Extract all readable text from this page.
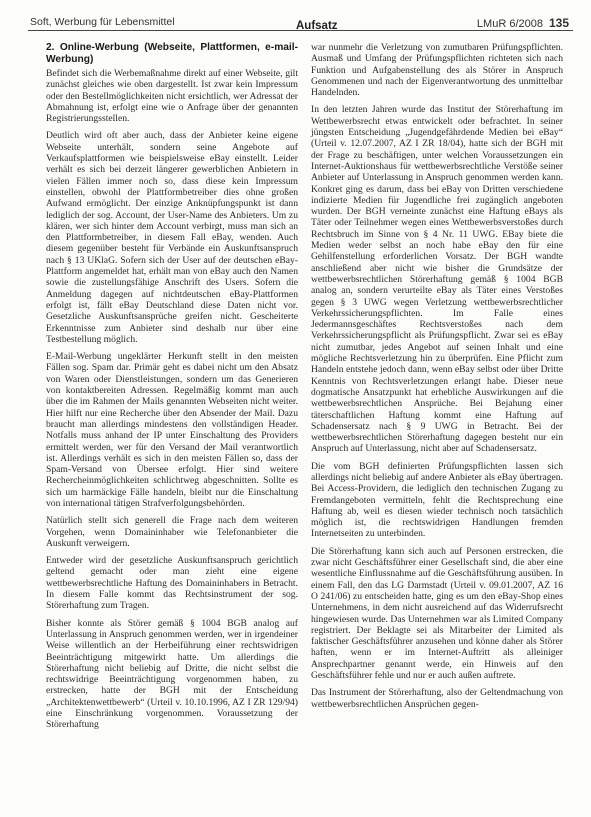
Soft, Werbung für Lebensmittel	Aufsatz	LMuR 6/2008 135
2. Online-Werbung (Webseite, Plattformen, e-mail-Werbung)

Befindet sich die Werbemaßnahme direkt auf einer Webseite, gilt zunächst gleiches wie oben dargestellt. Ist zwar kein Impressum oder den Bestellmöglichkeiten nicht ersichtlich, wer Adressat der Abmahnung ist, erfolgt eine wie o Anfrage über der genannten Registrierungsstellen.

Deutlich wird oft aber auch, dass der Anbieter keine eigene Webseite unterhält, sondern seine Angebote auf Verkaufsplattformen wie beispielsweise eBay einstellt. Leider verhält es sich bei derzeit längerer gewerblichen Anbietern in vielen Fällen immer noch so, dass diese kein Impressum einstellen, obwohl der Plattformbetreiber dies ohne großen Aufwand ermöglicht. Der einzige Anknüpfungspunkt ist dann lediglich der sog. Account, der User-Name des Anbieters. Um zu klären, wer sich hinter dem Account verbirgt, muss man sich an den Plattformbetreiber, in diesem Fall eBay, wenden. Auch diesem gegenüber besteht für Verbände ein Auskunftsanspruch nach § 13 UKlaG. Sofern sich der User auf der deutschen eBay-Plattform angemeldet hat, erhält man von eBay auch den Namen sowie die zustellungsfähige Anschrift des Users. Sofern die Anmeldung dagegen auf nichtdeutschen eBay-Plattformen erfolgt ist, fällt eBay Deutschland diese Daten nicht vor. Gesetzliche Auskunftsansprüche greifen nicht. Gescheiterte Erkenntnisse zum Anbieter sind deshalb nur über eine Testbestellung möglich.

E-Mail-Werbung ungeklärter Herkunft stellt in den meisten Fällen sog. Spam dar. Primär geht es dabei nicht um den Absatz von Waren oder Dienstleistungen, sondern um das Generieren von kontaktbereiten Adressen. Regelmäßig kommt man auch über die im Rahmen der Mails genannten Webseiten nicht weiter. Hier hilft nur eine Recherche über den Absender der Mail. Dazu braucht man allerdings mindestens den vollständigen Header. Notfalls muss anhand der IP unter Einschaltung des Providers ermittelt werden, wer für den Versand der Mail verantwortlich ist. Allerdings verhält es sich in den meisten Fällen so, dass der Spam-Versand von Übersee erfolgt. Hier sind weitere Rechercheinmöglichkeiten schlichtweg abgeschnitten. Sollte es sich um harmäckige Fälle handeln, bleibt nur die Einschaltung von international tätigen Strafverfolgungsbehörden.

Natürlich stellt sich generell die Frage nach dem weiteren Vorgehen, wenn Domaininhaber wie Telefonanbieter die Auskunft verweigern.

Entweder wird der gesetzliche Auskunftsanspruch gerichtlich geltend gemacht oder man zieht eine eigene wettbewerbsrechtliche Haftung des Domaininhabers in Betracht. In diesem Falle kommt das Rechtsinstrument der sog. Störerhaftung zum Tragen.

Bisher konnte als Störer gemäß § 1004 BGB analog auf Unterlassung in Anspruch genommen werden, wer in irgendeiner Weise willentlich an der Herbeiführung einer rechtswidrigen Beeinträchtigung mitgewirkt hatte. Um allerdings die Störerhaftung nicht beliebig auf Dritte, die nicht selbst die rechtswidrige Beeinträchtigung vorgenommen haben, zu erstrecken, hatte der BGH mit der Entscheidung „Architektenwettbewerb“ (Urteil v. 10.10.1996, AZ I ZR 129/94) eine Einschränkung vorgenommen. Voraussetzung der Störerhaftung

war nunmehr die Verletzung von zumutbaren Prüfungspflichten. Ausmaß und Umfang der Prüfungspflichten richteten sich nach Funktion und Aufgabenstellung des als Störer in Anspruch Genommenen und nach der Eigenverantwortung des unmittelbar Handelnden.

In den letzten Jahren wurde das Institut der Störerhaftung im Wettbewerbsrecht etwas entwickelt oder befrachtet. In seiner jüngsten Entscheidung „Jugendgefährdende Medien bei eBay“ (Urteil v. 12.07.2007, AZ I ZR 18/04), hatte sich der BGH mit der Frage zu beschäftigen, unter welchen Voraussetzungen ein Internet-Auktionshaus für wettbewerbsrechtliche Verstöße seiner Anbieter auf Unterlassung in Anspruch genommen werden kann. Konkret ging es darum, dass bei eBay von Dritten verschiedene indizierte Medien für Jugendliche frei zugänglich angeboten wurden. Der BGH verneinte zunächst eine Haftung eBays als Täter oder Teilnehmer wegen eines Wettbewerbsverstoßes durch Rechtsbruch im Sinne von § 4 Nr. 11 UWG. EBay biete die Medien weder selbst an noch habe eBay den für eine Gehilfenstellung erforderlichen Vorsatz. Der BGH wandte anschließend aber nicht wie bisher die Grundsätze der wettbewerbsrechtlichen Störerhaftung gemäß § 1004 BGB analog an, sondern verurteilte eBay als Täter eines Verstoßes gegen § 3 UWG wegen Verletzung wettbewerbsrechtlicher Verkehrssicherungspflichten. Im Falle eines Jedermannsgeschäftes Rechtsverstoßes nach dem Verkehrssicherungspflicht als Prüfungspflicht. Zwar sei es eBay nicht zumutbar, jedes Angebot auf seinen Inhalt und eine mögliche Rechtsverletzung hin zu überprüfen. Eine Pflicht zum Handeln entstehe jedoch dann, wenn eBay selbst oder über Dritte Kenntnis von Rechtsverletzungen erlangt habe. Dieser neue dogmatische Ansatzpunkt hat erhebliche Auswirkungen auf die wettbewerbsrechtlichen Ansprüche. Bei Bejahung einer täterschaftlichen Haftung kommt eine Haftung auf Schadensersatz nach § 9 UWG in Betracht. Bei der wettbewerbsrechtlichen Störerhaftung dagegen besteht nur ein Anspruch auf Unterlassung, nicht aber auf Schadensersatz.

Die vom BGH definierten Prüfungspflichten lassen sich allerdings nicht beliebig auf andere Anbieter als eBay übertragen. Bei Access-Providern, die lediglich den technischen Zugang zu Fremdangeboten vermitteln, fehlt die Rechtsprechung eine Haftung ab, weil es diesen wieder technisch noch tatsächlich möglich ist, die rechtswidrigen Handlungen fremden Internetseiten zu unterbinden.

Die Störerhaftung kann sich auch auf Personen erstrecken, die zwar nicht Geschäftsführer einer Gesellschaft sind, die aber eine wesentliche Einflussnahme auf die Geschäftsführung ausüben. In einem Fall, den das LG Darmstadt (Urteil v. 09.01.2007, AZ 16 O 241/06) zu entscheiden hatte, ging es um den eBay-Shop eines Unternehmens, in dem nicht ausreichend auf das Widerrufsrecht hingewiesen wurde. Das Unternehmen war als Limited Company registriert. Der Beklagte sei als Mitarbeiter der Limited als faktischer Geschäftsführer anzusehen und könne daher als Störer haften, wenn er im Internet-Auftritt als alleiniger Ansprechpartner genannt werde, ein Hinweis auf den Geschäftsführer fehle und nur er auch außen auftrete.

Das Instrument der Störerhaftung, also der Geltendmachung von wettbewerbsrechtlichen Ansprüchen gegen-
